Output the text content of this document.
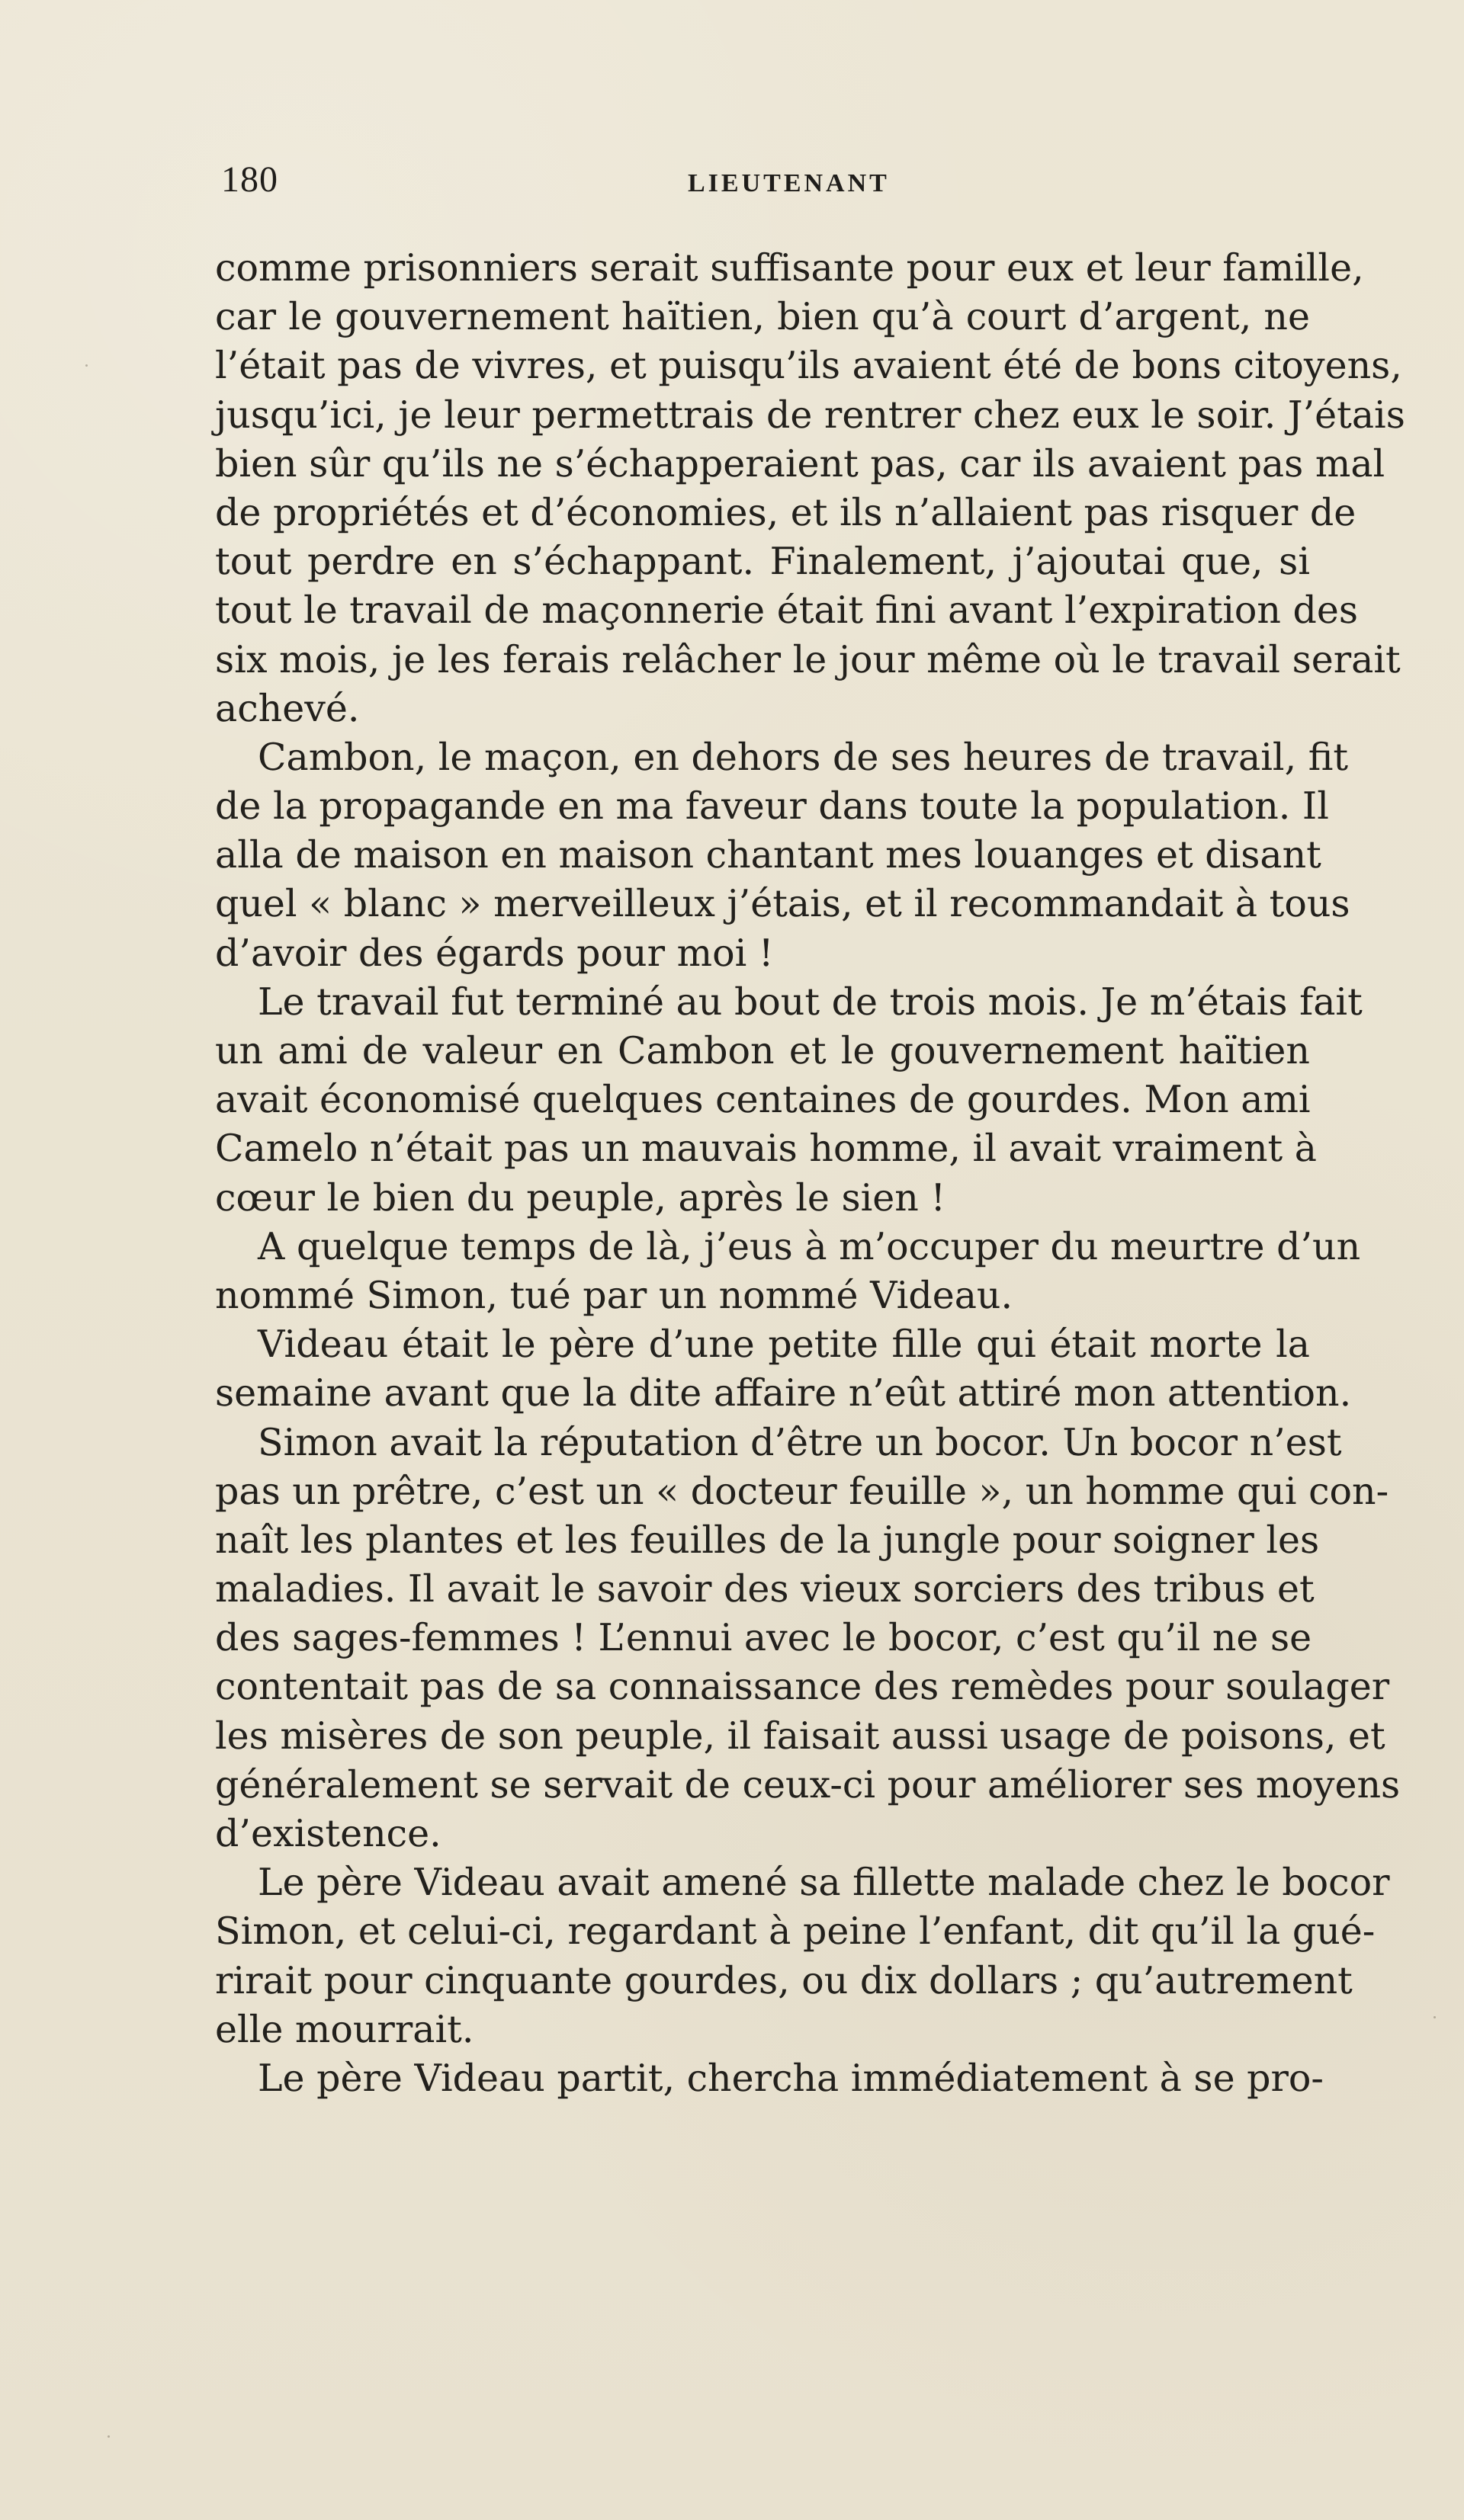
180	LIEUTENANT
comme prisonniers serait suffisante pour eux et leur famille,
car le gouvernement haïtien, bien qu’à court d’argent, ne
l’était pas de vivres, et puisqu’ils avaient été de bons citoyens,
jusqu’ici, je leur permettrais de rentrer chez eux le soir. J’étais
bien sûr qu’ils ne s’échapperaient pas, car ils avaient pas mal
de propriétés et d’économies, et ils n’allaient pas risquer de
tout perdre en s’échappant. Finalement, j’ajoutai que, si
tout le travail de maçonnerie était fini avant l’expiration des
six mois, je les ferais relâcher le jour même où le travail serait
achevé.
Cambon, le maçon, en dehors de ses heures de travail, fit
de la propagande en ma faveur dans toute la population. Il
alla de maison en maison chantant mes louanges et disant
quel « blanc » merveilleux j’étais, et il recommandait à tous
d’avoir des égards pour moi !
Le travail fut terminé au bout de trois mois. Je m’étais fait
un ami de valeur en Cambon et le gouvernement haïtien
avait économisé quelques centaines de gourdes. Mon ami
Camelo n’était pas un mauvais homme, il avait vraiment à
cœur le bien du peuple, après le sien !
A quelque temps de là, j’eus à m’occuper du meurtre d’un
nommé Simon, tué par un nommé Videau.
Videau était le père d’une petite fille qui était morte la
semaine avant que la dite affaire n’eût attiré mon attention.
Simon avait la réputation d’être un bocor. Un bocor n’est
pas un prêtre, c’est un « docteur feuille », un homme qui con-
naît les plantes et les feuilles de la jungle pour soigner les
maladies. Il avait le savoir des vieux sorciers des tribus et
des sages-femmes ! L’ennui avec le bocor, c’est qu’il ne se
contentait pas de sa connaissance des remèdes pour soulager
les misères de son peuple, il faisait aussi usage de poisons, et
généralement se servait de ceux-ci pour améliorer ses moyens
d’existence.
Le père Videau avait amené sa fillette malade chez le bocor
Simon, et celui-ci, regardant à peine l’enfant, dit qu’il la gué-
rirait pour cinquante gourdes, ou dix dollars ; qu’autrement
elle mourrait.
Le père Videau partit, chercha immédiatement à se pro-
